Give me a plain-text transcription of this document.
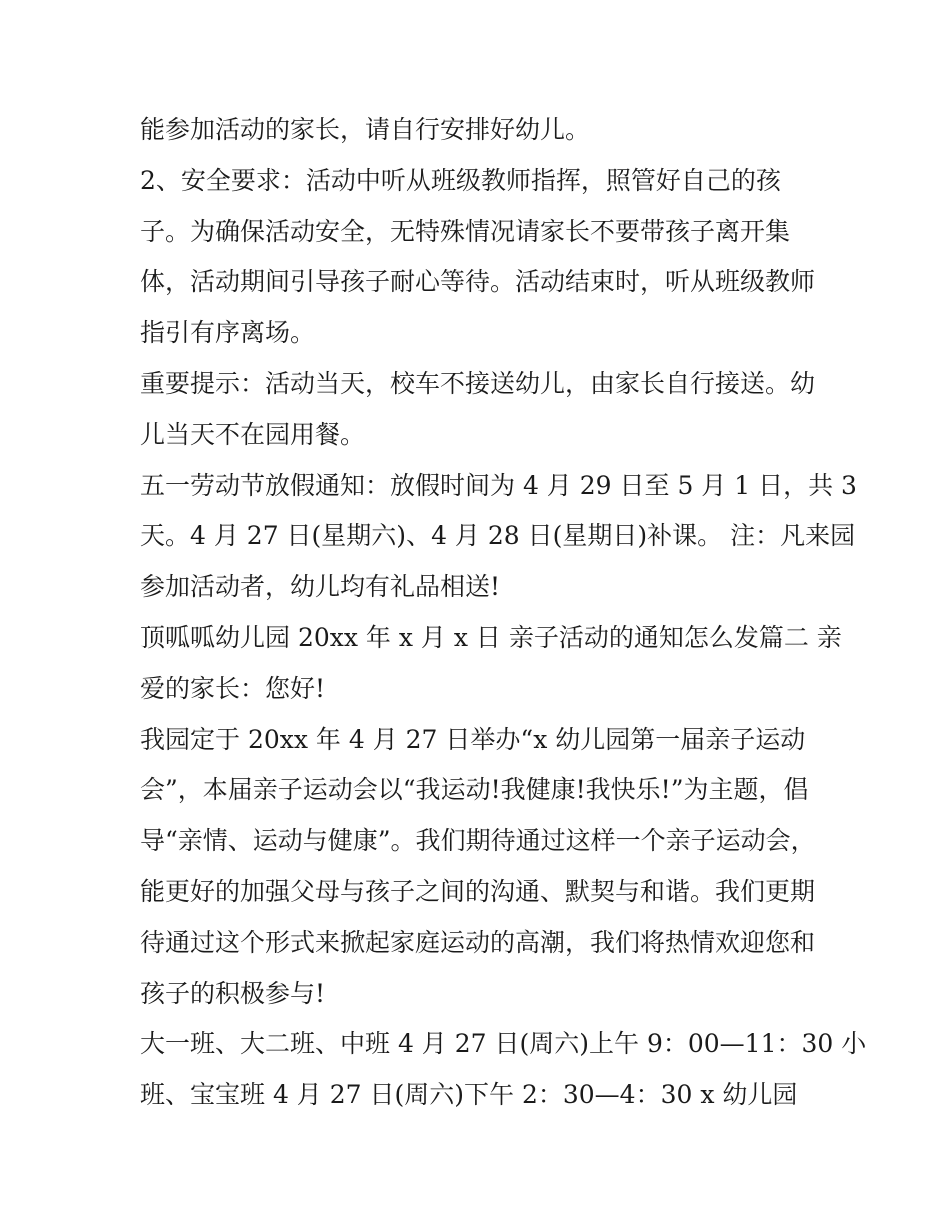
能参加活动的家长，请自行安排好幼儿。
2、安全要求：活动中听从班级教师指挥，照管好自己的孩
子。为确保活动安全，无特殊情况请家长不要带孩子离开集
体，活动期间引导孩子耐心等待。活动结束时，听从班级教师
指引有序离场。
重要提示：活动当天，校车不接送幼儿，由家长自行接送。幼
儿当天不在园用餐。
五一劳动节放假通知：放假时间为 4 月 29 日至 5 月 1 日，共 3
天。4 月 27 日(星期六)、4 月 28 日(星期日)补课。 注：凡来园
参加活动者，幼儿均有礼品相送!
顶呱呱幼儿园 20xx 年 x 月 x 日 亲子活动的通知怎么发篇二 亲
爱的家长：您好!
我园定于 20xx 年 4 月 27 日举办“x 幼儿园第一届亲子运动
会”，本届亲子运动会以“我运动!我健康!我快乐!”为主题，倡
导“亲情、运动与健康”。我们期待通过这样一个亲子运动会，
能更好的加强父母与孩子之间的沟通、默契与和谐。我们更期
待通过这个形式来掀起家庭运动的高潮，我们将热情欢迎您和
孩子的积极参与!
大一班、大二班、中班 4 月 27 日(周六)上午 9：00—11：30 小
班、宝宝班 4 月 27 日(周六)下午 2：30—4：30 x 幼儿园
